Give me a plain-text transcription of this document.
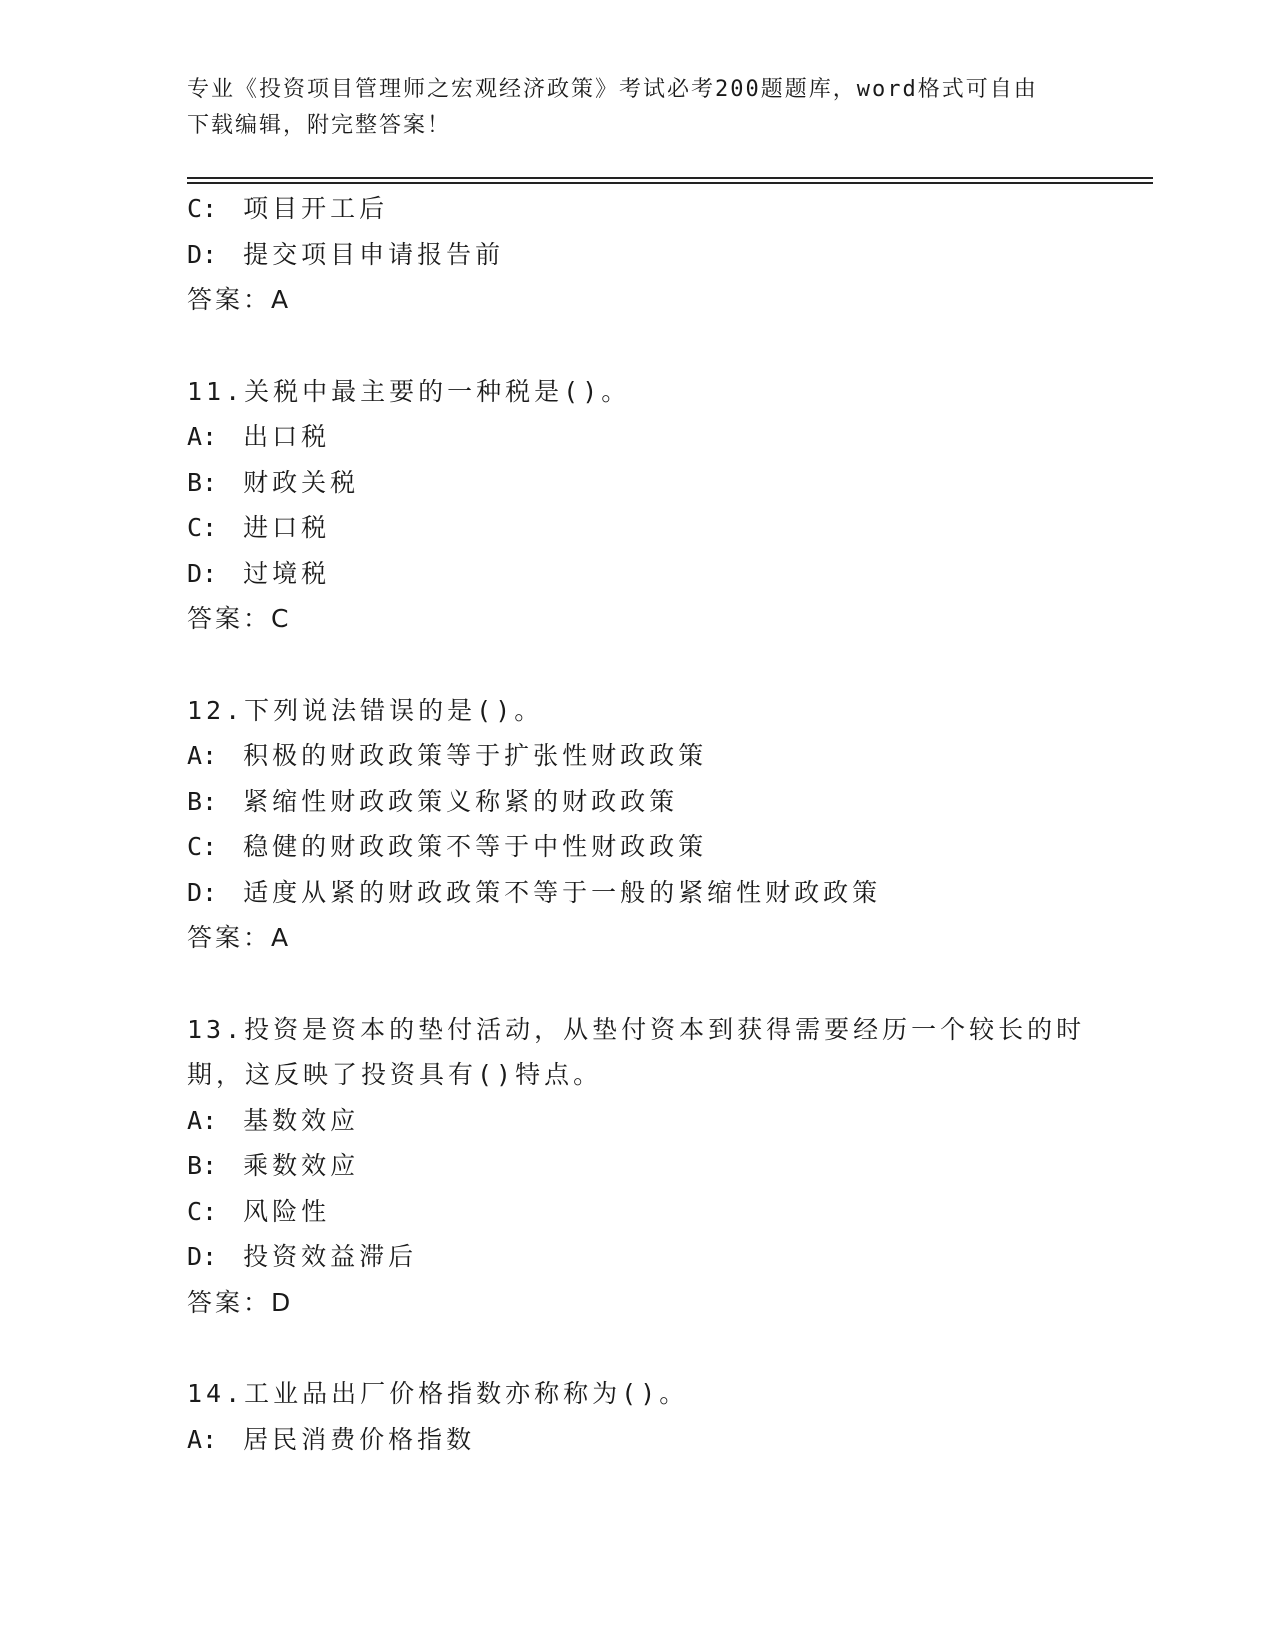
专业《投资项目管理师之宏观经济政策》考试必考200题题库，word格式可自由
下载编辑，附完整答案！
C: 项目开工后
D: 提交项目申请报告前
答案：A
11.关税中最主要的一种税是()。
A: 出口税
B: 财政关税
C: 进口税
D: 过境税
答案：C
12.下列说法错误的是()。
A: 积极的财政政策等于扩张性财政政策
B: 紧缩性财政政策义称紧的财政政策
C: 稳健的财政政策不等于中性财政政策
D: 适度从紧的财政政策不等于一般的紧缩性财政政策
答案：A
13.投资是资本的垫付活动，从垫付资本到获得需要经历一个较长的时
期，这反映了投资具有()特点。
A: 基数效应
B: 乘数效应
C: 风险性
D: 投资效益滞后
答案：D
14.工业品出厂价格指数亦称称为()。
A: 居民消费价格指数
